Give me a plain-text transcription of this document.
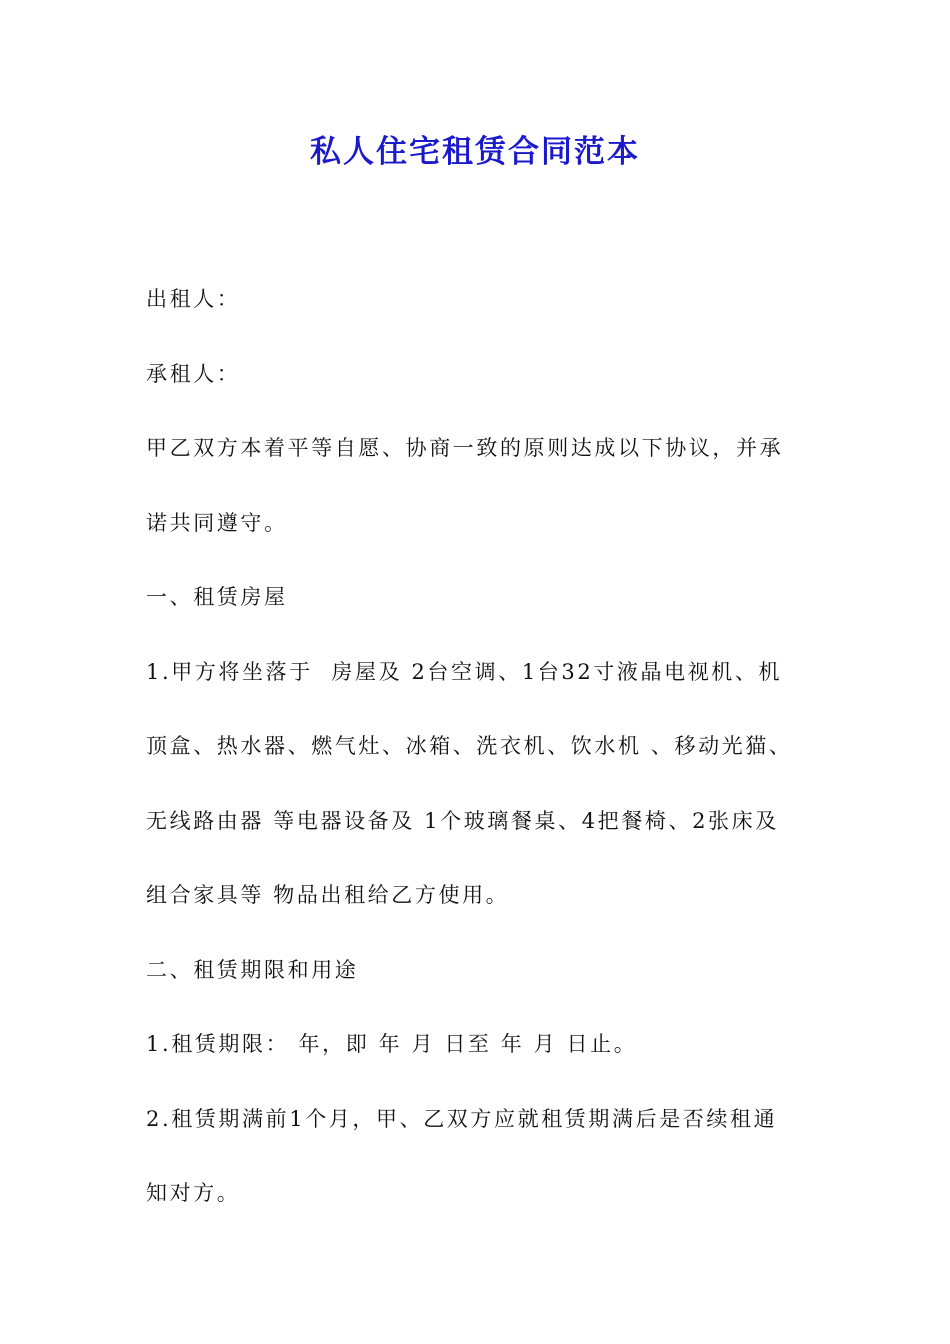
私人住宅租赁合同范本
出租人：
承租人：
甲乙双方本着平等自愿、协商一致的原则达成以下协议，并承
诺共同遵守。
一、租赁房屋
1.甲方将坐落于  房屋及 2台空调、1台32寸液晶电视机、机
顶盒、热水器、燃气灶、冰箱、洗衣机、饮水机 、移动光猫、
无线路由器 等电器设备及 1个玻璃餐桌、4把餐椅、2张床及
组合家具等 物品出租给乙方使用。
二、租赁期限和用途
1.租赁期限： 年，即 年 月 日至 年 月 日止。
2.租赁期满前1个月，甲、乙双方应就租赁期满后是否续租通
知对方。
